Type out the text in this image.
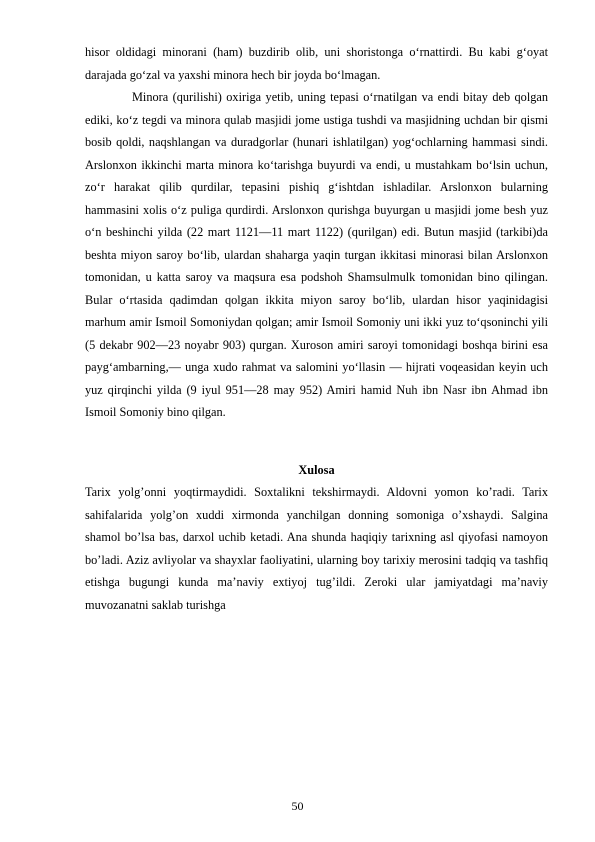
hisor oldidagi minorani (ham) buzdirib olib, uni shoristonga o‘rnattirdi. Bu kabi g‘oyat darajada go‘zal va yaxshi minora hech bir joyda bo‘lmagan.

Minora (qurilishi) oxiriga yetib, uning tepasi o‘rnatilgan va endi bitay deb qolgan ediki, ko‘z tegdi va minora qulab masjidi jome ustiga tushdi va masjidning uchdan bir qismi bosib qoldi, naqshlangan va duradgorlar (hunari ishlatilgan) yog‘ochlarning hammasi sindi. Arslonxon ikkinchi marta minora ko‘tarishga buyurdi va endi, u mustahkam bo‘lsin uchun, zo‘r harakat qilib qurdilar, tepasini pishiq g‘ishtdan ishladilar. Arslonxon bularning hammasini xolis o‘z puliga qurdirdi. Arslonxon qurishga buyurgan u masjidi jome besh yuz o‘n beshinchi yilda (22 mart 1121—11 mart 1122) (qurilgan) edi. Butun masjid (tarkibi)da beshta miyon saroy bo‘lib, ulardan shaharga yaqin turgan ikkitasi minorasi bilan Arslonxon tomonidan, u katta saroy va maqsura esa podshoh Shamsulmulk tomonidan bino qilingan. Bular o‘rtasida qadimdan qolgan ikkita miyon saroy bo‘lib, ulardan hisor yaqinidagisi marhum amir Ismoil Somoniydan qolgan; amir Ismoil Somoniy uni ikki yuz to‘qsoninchi yili (5 dekabr 902—23 noyabr 903) qurgan. Xuroson amiri saroyi tomonidagi boshqa birini esa payg‘ambarning,— unga xudo rahmat va salomini yo‘llasin — hijrati voqeasidan keyin uch yuz qirqinchi yilda (9 iyul 951—28 may 952) Amiri hamid Nuh ibn Nasr ibn Ahmad ibn Ismoil Somoniy bino qilgan.

Xulosa

Tarix yolg’onni yoqtirmaydidi. Soxtalikni tekshirmaydi. Aldovni yomon ko’radi. Tarix sahifalarida yolg’on xuddi xirmonda yanchilgan donning somoniga o’xshaydi. Salgina shamol bo’lsa bas, darxol uchib ketadi. Ana shunda haqiqiy tarixning asl qiyofasi namoyon bo’ladi. Aziz avliyolar va shayxlar faoliyatini, ularning boy tarixiy merosini tadqiq va tashfiq etishga bugungi kunda ma’naviy extiyoj tug’ildi. Zeroki ular jamiyatdagi ma’naviy muvozanatni saklab turishga

50
